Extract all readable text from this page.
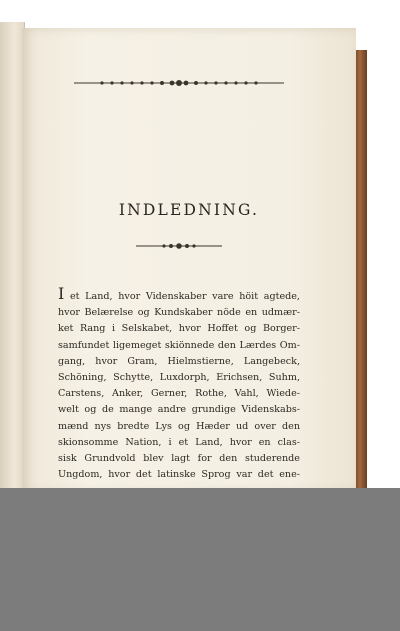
INDLEDNING.
I et Land, hvor Videnskaber vare höit agtede,
hvor Belærelse og Kundskaber nöde en udmær-
ket Rang i Selskabet, hvor Hoffet og Borger-
samfundet ligemeget skiönnede den Lærdes Om-
gang, hvor Gram, Hielmstierne, Langebeck,
Schöning, Schytte, Luxdorph, Erichsen, Suhm,
Carstens, Anker, Gerner, Rothe, Vahl, Wiede-
welt og de mange andre grundige Videnskabs-
mænd nys bredte Lys og Hæder ud over den
skionsomme Nation, i et Land, hvor en clas-
sisk Grundvold blev lagt for den studerende
Ungdom, hvor det latinske Sprog var det ene-
